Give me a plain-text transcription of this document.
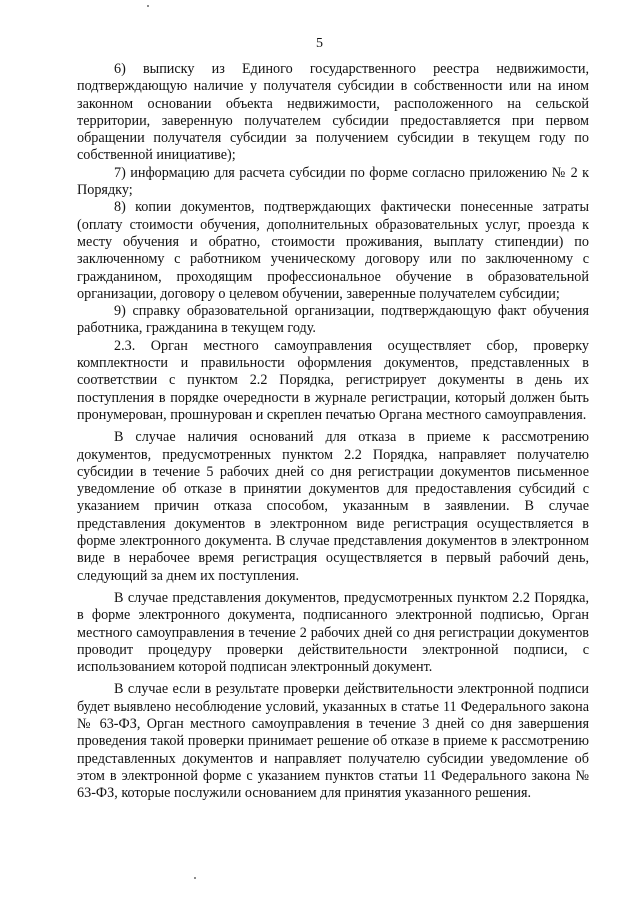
5

6) выписку из Единого государственного реестра недвижимости, подтверждающую наличие у получателя субсидии в собственности или на ином законном основании объекта недвижимости, расположенного на сельской территории, заверенную получателем субсидии предоставляется при первом обращении получателя субсидии за получением субсидии в текущем году по собственной инициативе);

7) информацию для расчета субсидии по форме согласно приложению № 2 к Порядку;

8) копии документов, подтверждающих фактически понесенные затраты (оплату стоимости обучения, дополнительных образовательных услуг, проезда к месту обучения и обратно, стоимости проживания, выплату стипендии) по заключенному с работником ученическому договору или по заключенному с гражданином, проходящим профессиональное обучение в образовательной организации, договору о целевом обучении, заверенные получателем субсидии;

9) справку образовательной организации, подтверждающую факт обучения работника, гражданина в текущем году.

2.3. Орган местного самоуправления осуществляет сбор, проверку комплектности и правильности оформления документов, представленных в соответствии с пунктом 2.2 Порядка, регистрирует документы в день их поступления в порядке очередности в журнале регистрации, который должен быть пронумерован, прошнурован и скреплен печатью Органа местного самоуправления.

В случае наличия оснований для отказа в приеме к рассмотрению документов, предусмотренных пунктом 2.2 Порядка, направляет получателю субсидии в течение 5 рабочих дней со дня регистрации документов письменное уведомление об отказе в принятии документов для предоставления субсидий с указанием причин отказа способом, указанным в заявлении. В случае представления документов в электронном виде регистрация осуществляется в форме электронного документа. В случае представления документов в электронном виде в нерабочее время регистрация осуществляется в первый рабочий день, следующий за днем их поступления.

В случае представления документов, предусмотренных пунктом 2.2 Порядка, в форме электронного документа, подписанного электронной подписью, Орган местного самоуправления в течение 2 рабочих дней со дня регистрации документов проводит процедуру проверки действительности электронной подписи, с использованием которой подписан электронный документ.

В случае если в результате проверки действительности электронной подписи будет выявлено несоблюдение условий, указанных в статье 11 Федерального закона № 63-ФЗ, Орган местного самоуправления в течение 3 дней со дня завершения проведения такой проверки принимает решение об отказе в приеме к рассмотрению представленных документов и направляет получателю субсидии уведомление об этом в электронной форме с указанием пунктов статьи 11 Федерального закона № 63-ФЗ, которые послужили основанием для принятия указанного решения.
